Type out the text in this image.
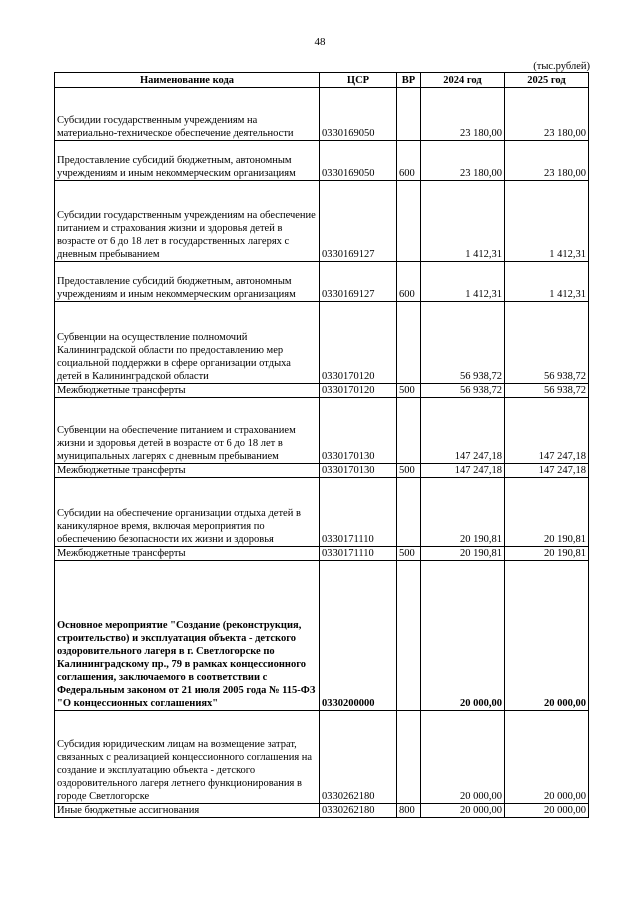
48
(тыс.рублей)
Наименование кода	ЦСР	ВР	2024 год	2025 год
Субсидии государственным учреждениям на материально-техническое обеспечение деятельности	0330169050		23 180,00	23 180,00
Предоставление субсидий бюджетным, автономным учреждениям и иным некоммерческим организациям	0330169050	600	23 180,00	23 180,00
Субсидии государственным учреждениям на обеспечение питанием и страхования жизни и здоровья детей в возрасте от 6 до 18 лет в государственных лагерях с дневным пребыванием	0330169127		1 412,31	1 412,31
Предоставление субсидий бюджетным, автономным учреждениям и иным некоммерческим организациям	0330169127	600	1 412,31	1 412,31
Субвенции на осуществление полномочий Калининградской области по предоставлению мер социальной поддержки в сфере организации отдыха детей в Калининградской области	0330170120		56 938,72	56 938,72
Межбюджетные трансферты	0330170120	500	56 938,72	56 938,72
Субвенции на обеспечение питанием и страхованием жизни и здоровья детей в возрасте от 6 до 18 лет в муниципальных лагерях с дневным пребыванием	0330170130		147 247,18	147 247,18
Межбюджетные трансферты	0330170130	500	147 247,18	147 247,18
Субсидии на обеспечение организации отдыха детей в каникулярное время, включая мероприятия по обеспечению безопасности их жизни и здоровья	0330171110		20 190,81	20 190,81
Межбюджетные трансферты	0330171110	500	20 190,81	20 190,81
Основное мероприятие "Создание (реконструкция, строительство) и эксплуатация объекта - детского оздоровительного лагеря в г. Светлогорске по Калининградскому пр., 79 в рамках концессионного соглашения, заключаемого в соответствии с Федеральным законом от 21 июля 2005 года № 115-ФЗ "О концессионных соглашениях"	0330200000		20 000,00	20 000,00
Субсидия юридическим лицам на возмещение затрат, связанных с реализацией концессионного соглашения на создание и эксплуатацию объекта - детского оздоровительного лагеря летнего функционирования в городе Светлогорске	0330262180		20 000,00	20 000,00
Иные бюджетные ассигнования	0330262180	800	20 000,00	20 000,00
